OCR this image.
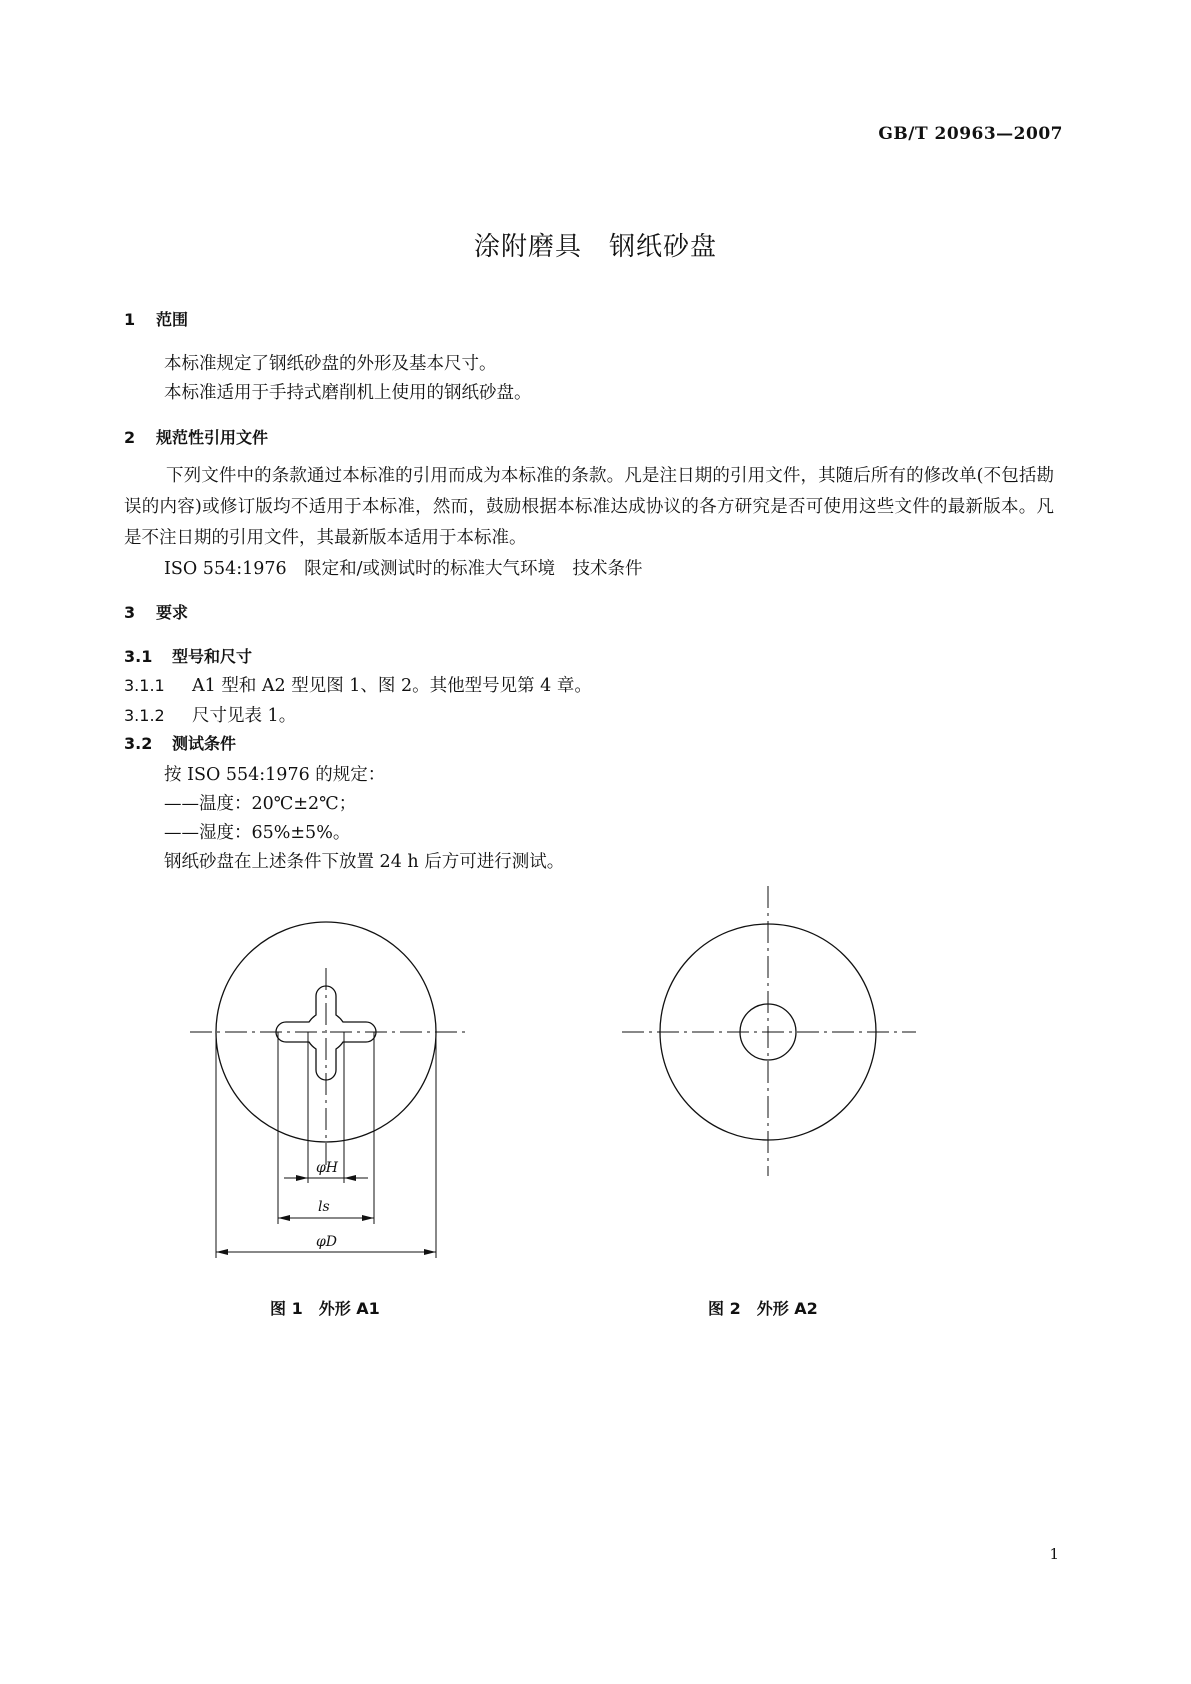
GB/T 20963—2007
涂附磨具　钢纸砂盘
1 范围
本标准规定了钢纸砂盘的外形及基本尺寸。
本标准适用于手持式磨削机上使用的钢纸砂盘。
2 规范性引用文件
下列文件中的条款通过本标准的引用而成为本标准的条款。凡是注日期的引用文件，其随后所有的修改单(不包括勘误的内容)或修订版均不适用于本标准，然而，鼓励根据本标准达成协议的各方研究是否可使用这些文件的最新版本。凡是不注日期的引用文件，其最新版本适用于本标准。
ISO 554:1976　限定和/或测试时的标准大气环境　技术条件
3 要求
3.1 型号和尺寸
3.1.1 A1 型和 A2 型见图 1、图 2。其他型号见第 4 章。
3.1.2 尺寸见表 1。
3.2 测试条件
按 ISO 554:1976 的规定：
——温度：20℃±2℃；
——湿度：65%±5%。
钢纸砂盘在上述条件下放置 24 h 后方可进行测试。
φH
ls
φD
图 1　外形 A1	图 2　外形 A2
1
